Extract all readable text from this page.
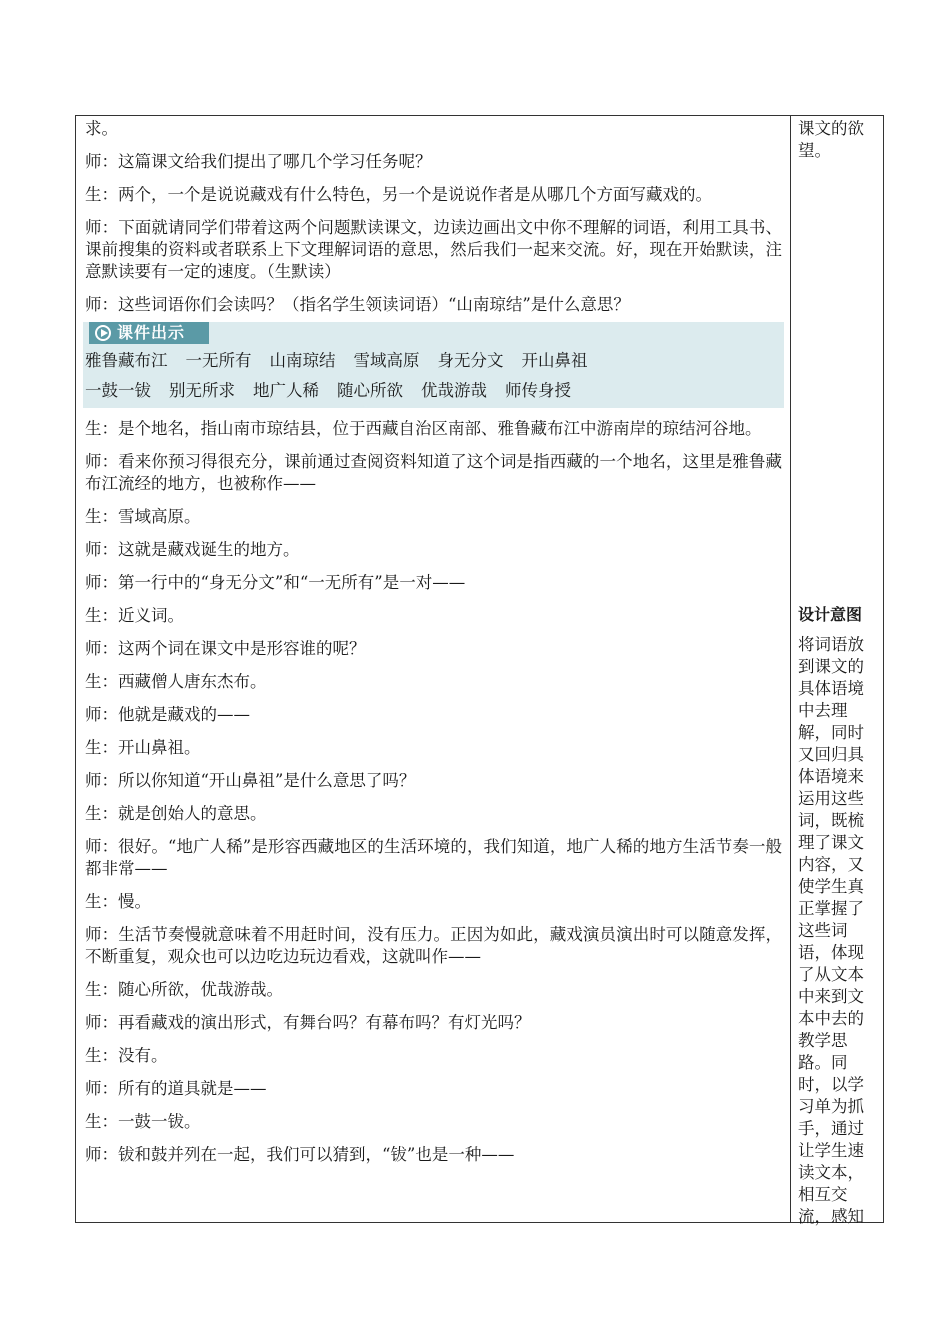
求。

师：这篇课文给我们提出了哪几个学习任务呢？

生：两个，一个是说说藏戏有什么特色，另一个是说说作者是从哪几个方面写藏戏的。

师：下面就请同学们带着这两个问题默读课文，边读边画出文中你不理解的词语，利用工具书、课前搜集的资料或者联系上下文理解词语的意思，然后我们一起来交流。好，现在开始默读，注意默读要有一定的速度。（生默读）

师：这些词语你们会读吗？（指名学生领读词语）“山南琼结”是什么意思？

课件出示
雅鲁藏布江 一无所有 山南琼结 雪域高原 身无分文 开山鼻祖
一鼓一钹 别无所求 地广人稀 随心所欲 优哉游哉 师传身授

生：是个地名，指山南市琼结县，位于西藏自治区南部、雅鲁藏布江中游南岸的琼结河谷地。

师：看来你预习得很充分，课前通过查阅资料知道了这个词是指西藏的一个地名，这里是雅鲁藏布江流经的地方，也被称作——

生：雪域高原。

师：这就是藏戏诞生的地方。

师：第一行中的“身无分文”和“一无所有”是一对——

生：近义词。

师：这两个词在课文中是形容谁的呢？

生：西藏僧人唐东杰布。

师：他就是藏戏的——

生：开山鼻祖。

师：所以你知道“开山鼻祖”是什么意思了吗？

生：就是创始人的意思。

师：很好。“地广人稀”是形容西藏地区的生活环境的，我们知道，地广人稀的地方生活节奏一般都非常——

生：慢。

师：生活节奏慢就意味着不用赶时间，没有压力。正因为如此，藏戏演员演出时可以随意发挥，不断重复，观众也可以边吃边玩边看戏，这就叫作——

生：随心所欲，优哉游哉。

师：再看藏戏的演出形式，有舞台吗？有幕布吗？有灯光吗？

生：没有。

师：所有的道具就是——

生：一鼓一钹。

师：钹和鼓并列在一起，我们可以猜到，“钹”也是一种——

课文的欲望。
设计意图
将词语放到课文的具体语境中去理解，同时又回归具体语境来运用这些词，既梳理了课文内容，又使学生真正掌握了这些词语，体现了从文本中来到文本中去的教学思路。同时，以学习单为抓手，通过让学生速读文本，相互交流，感知
